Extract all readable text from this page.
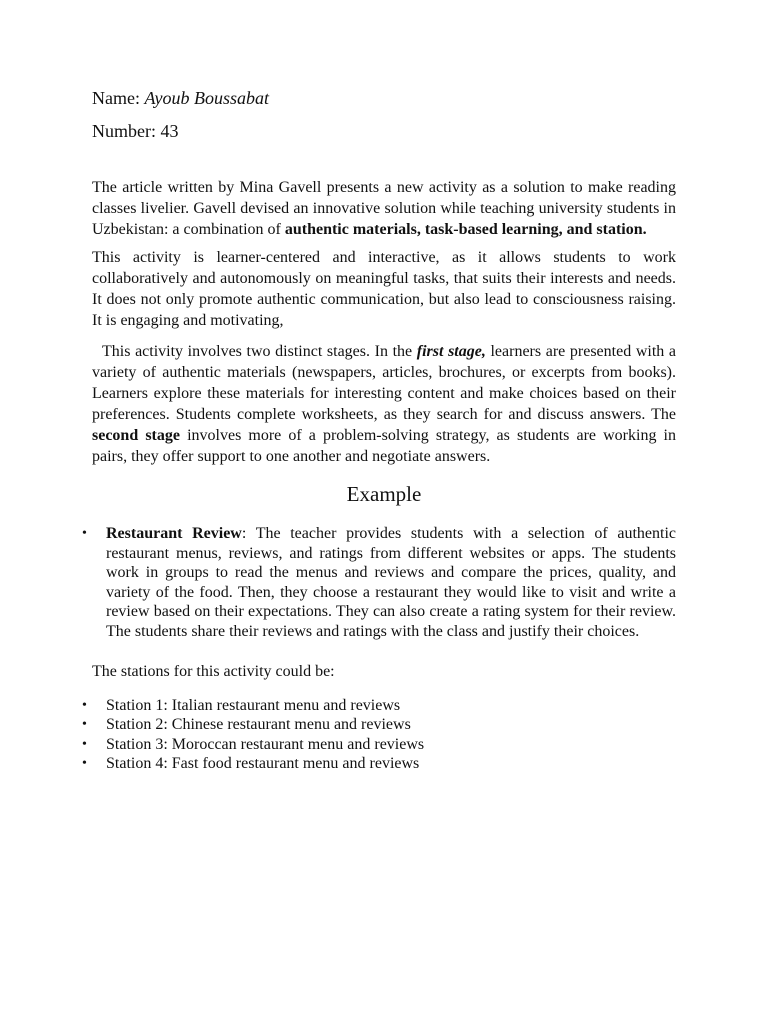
Name: Ayoub Boussabat

Number: 43

The article written by Mina Gavell presents a new activity as a solution to make reading classes livelier. Gavell devised an innovative solution while teaching university students in Uzbekistan: a combination of authentic materials, task-based learning, and station.

This activity is learner-centered and interactive, as it allows students to work collaboratively and autonomously on meaningful tasks, that suits their interests and needs. It does not only promote authentic communication, but also lead to consciousness raising. It is engaging and motivating,

This activity involves two distinct stages. In the first stage, learners are presented with a variety of authentic materials (newspapers, articles, brochures, or excerpts from books). Learners explore these materials for interesting content and make choices based on their preferences. Students complete worksheets, as they search for and discuss answers. The second stage involves more of a problem-solving strategy, as students are working in pairs, they offer support to one another and negotiate answers.

Example
• Restaurant Review: The teacher provides students with a selection of authentic restaurant menus, reviews, and ratings from different websites or apps. The students work in groups to read the menus and reviews and compare the prices, quality, and variety of the food. Then, they choose a restaurant they would like to visit and write a review based on their expectations. They can also create a rating system for their review. The students share their reviews and ratings with the class and justify their choices.

The stations for this activity could be:

• Station 1: Italian restaurant menu and reviews
• Station 2: Chinese restaurant menu and reviews
• Station 3: Moroccan restaurant menu and reviews
• Station 4: Fast food restaurant menu and reviews
